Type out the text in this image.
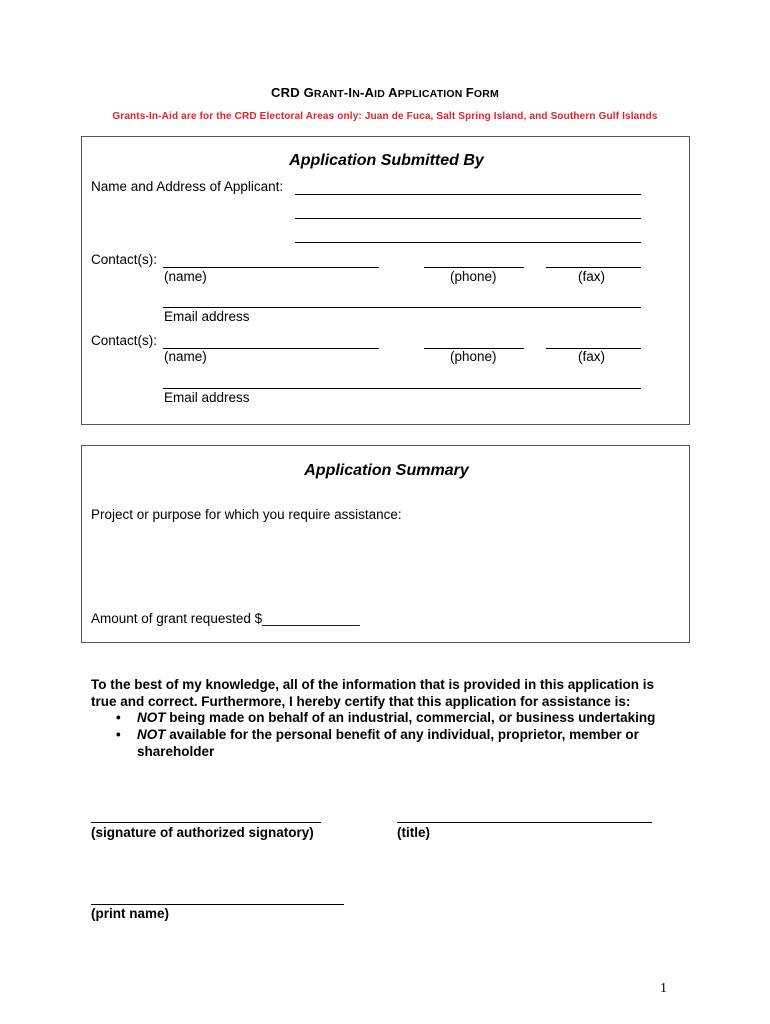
CRD GRANT-IN-AID APPLICATION FORM
Grants-In-Aid are for the CRD Electoral Areas only: Juan de Fuca, Salt Spring Island, and Southern Gulf Islands
Application Submitted By
Name and Address of Applicant:
Contact(s):
(name)	(phone)	(fax)
Email address
Contact(s):
(name)	(phone)	(fax)
Email address
Application Summary
Project or purpose for which you require assistance:
Amount of grant requested $_____________
To the best of my knowledge, all of the information that is provided in this application is
true and correct. Furthermore, I hereby certify that this application for assistance is:
• NOT being made on behalf of an industrial, commercial, or business undertaking
• NOT available for the personal benefit of any individual, proprietor, member or
shareholder
(signature of authorized signatory)	(title)
(print name)
1
